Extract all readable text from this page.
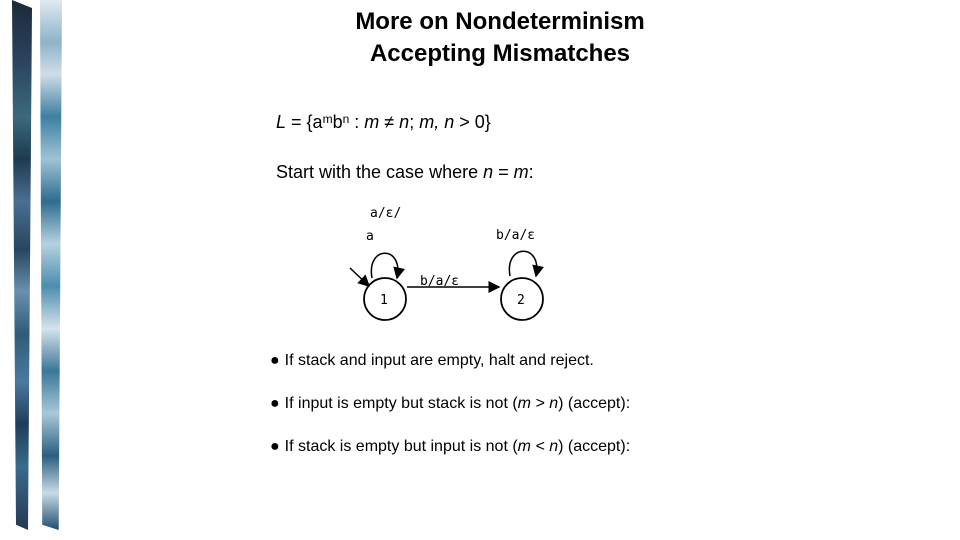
More on Nondeterminism
Accepting Mismatches
$L = \{a^mb^n$ : m ≠ n; m, n > 0}
Start with the case where n = m:
1	2
a/ε/
a	b/a/ε
b/a/ε
● If stack and input are empty, halt and reject.
● If input is empty but stack is not (m > n) (accept):
● If stack is empty but input is not (m < n) (accept):
